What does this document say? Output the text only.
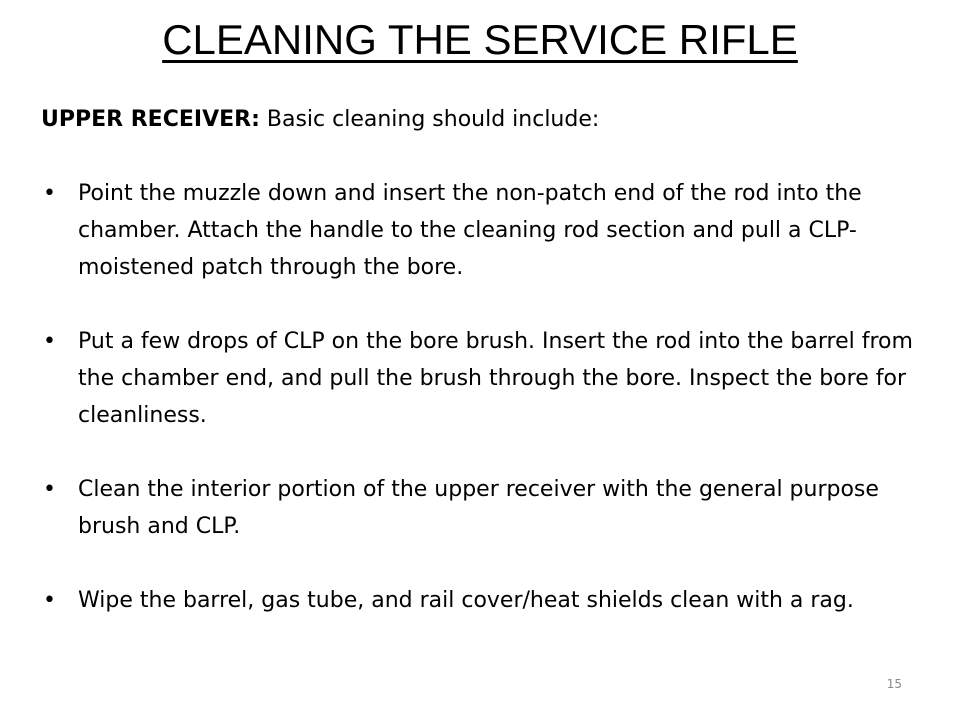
CLEANING THE SERVICE RIFLE

UPPER RECEIVER: Basic cleaning should include:

• Point the muzzle down and insert the non-patch end of the rod into the chamber. Attach the handle to the cleaning rod section and pull a CLP-moistened patch through the bore.
• Put a few drops of CLP on the bore brush. Insert the rod into the barrel from the chamber end, and pull the brush through the bore. Inspect the bore for cleanliness.
• Clean the interior portion of the upper receiver with the general purpose brush and CLP.
• Wipe the barrel, gas tube, and rail cover/heat shields clean with a rag.
15
